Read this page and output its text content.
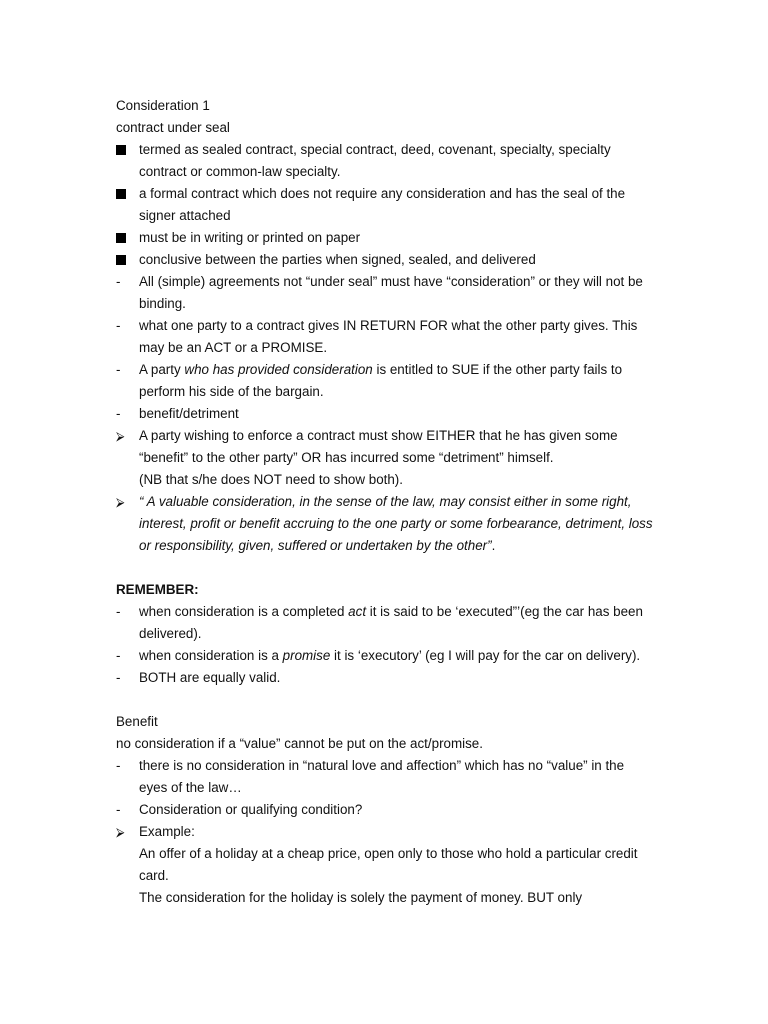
Consideration 1
contract under seal
termed as sealed contract, special contract, deed, covenant, specialty, specialty contract or common-law specialty.
a formal contract which does not require any consideration and has the seal of the signer attached
must be in writing or printed on paper
conclusive between the parties when signed, sealed, and delivered
-	All (simple) agreements not “under seal” must have “consideration” or they will not be binding.
-	what one party to a contract gives IN RETURN FOR what the other party gives. This may be an ACT or a PROMISE.
-	A party who has provided consideration is entitled to SUE if the other party fails to perform his side of the bargain.
-	benefit/detriment
⮚	A party wishing to enforce a contract must show EITHER that he has given some “benefit” to the other party” OR has incurred some “detriment” himself.
(NB that s/he does NOT need to show both).
⮚	“ A valuable consideration, in the sense of the law, may consist either in some right, interest, profit or benefit accruing to the one party or some forbearance, detriment, loss or responsibility, given, suffered or undertaken by the other”.
REMEMBER:
-	when consideration is a completed act it is said to be ‘executed”’(eg the car has been delivered).
-	when consideration is a promise it is ‘executory’ (eg I will pay for the car on delivery).
-	BOTH are equally valid.
Benefit
no consideration if a “value” cannot be put on the act/promise.
-	there is no consideration in “natural love and affection” which has no “value” in the eyes of the law…
-	Consideration or qualifying condition?
⮚	Example:
An offer of a holiday at a cheap price, open only to those who hold a particular credit card.
The consideration for the holiday is solely the payment of money. BUT only
